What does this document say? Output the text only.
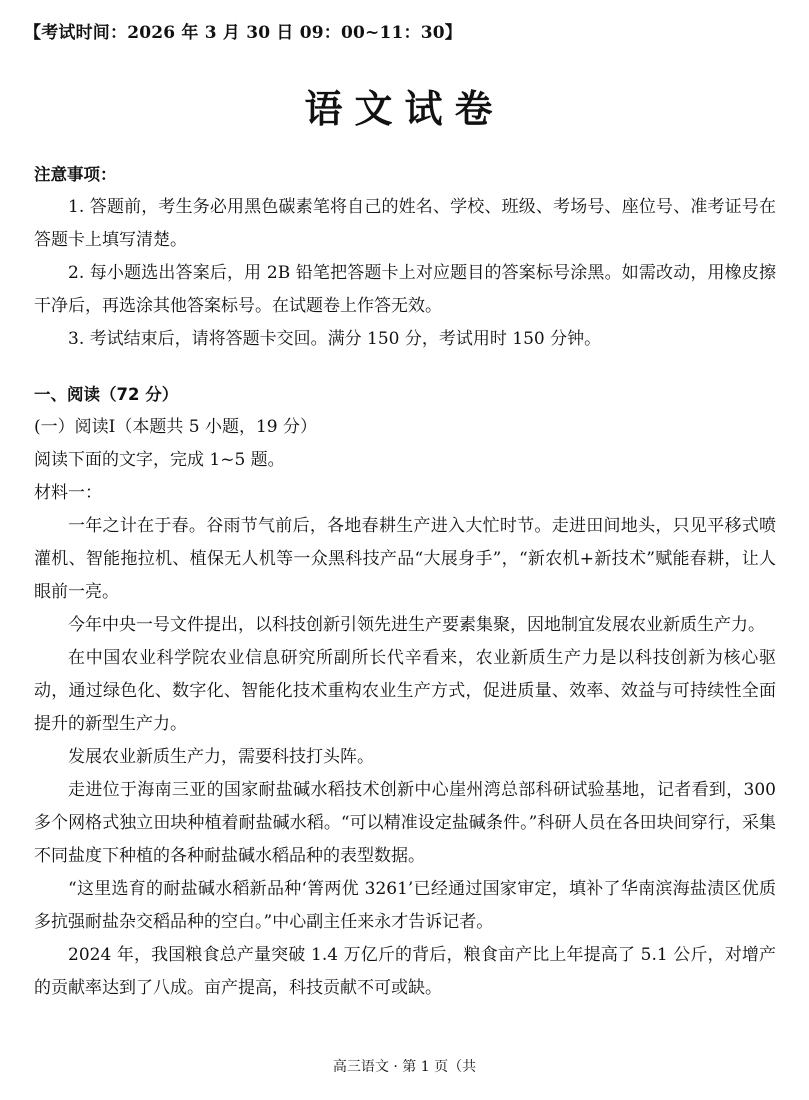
【考试时间：2026 年 3 月 30 日 09：00~11：30】
语文试卷

注意事项：

1. 答题前，考生务必用黑色碳素笔将自己的姓名、学校、班级、考场号、座位号、准考证号在答题卡上填写清楚。

2. 每小题选出答案后，用 2B 铅笔把答题卡上对应题目的答案标号涂黑。如需改动，用橡皮擦干净后，再选涂其他答案标号。在试题卷上作答无效。

3. 考试结束后，请将答题卡交回。满分 150 分，考试用时 150 分钟。

一、阅读（72 分）

(一）阅读Ⅰ（本题共 5 小题，19 分）

阅读下面的文字，完成 1~5 题。

材料一：

一年之计在于春。谷雨节气前后，各地春耕生产进入大忙时节。走进田间地头，只见平移式喷灌机、智能拖拉机、植保无人机等一众黑科技产品“大展身手”，“新农机+新技术”赋能春耕，让人眼前一亮。

今年中央一号文件提出，以科技创新引领先进生产要素集聚，因地制宜发展农业新质生产力。

在中国农业科学院农业信息研究所副所长代辛看来，农业新质生产力是以科技创新为核心驱动，通过绿色化、数字化、智能化技术重构农业生产方式，促进质量、效率、效益与可持续性全面提升的新型生产力。

发展农业新质生产力，需要科技打头阵。

走进位于海南三亚的国家耐盐碱水稻技术创新中心崖州湾总部科研试验基地，记者看到，300 多个网格式独立田块种植着耐盐碱水稻。“可以精准设定盐碱条件。”科研人员在各田块间穿行，采集不同盐度下种植的各种耐盐碱水稻品种的表型数据。

“这里选育的耐盐碱水稻新品种‘箐两优 3261’已经通过国家审定，填补了华南滨海盐渍区优质多抗强耐盐杂交稻品种的空白。”中心副主任来永才告诉记者。

2024 年，我国粮食总产量突破 1.4 万亿斤的背后，粮食亩产比上年提高了 5.1 公斤，对增产的贡献率达到了八成。亩产提高，科技贡献不可或缺。

高三语文 · 第 1 页（共
